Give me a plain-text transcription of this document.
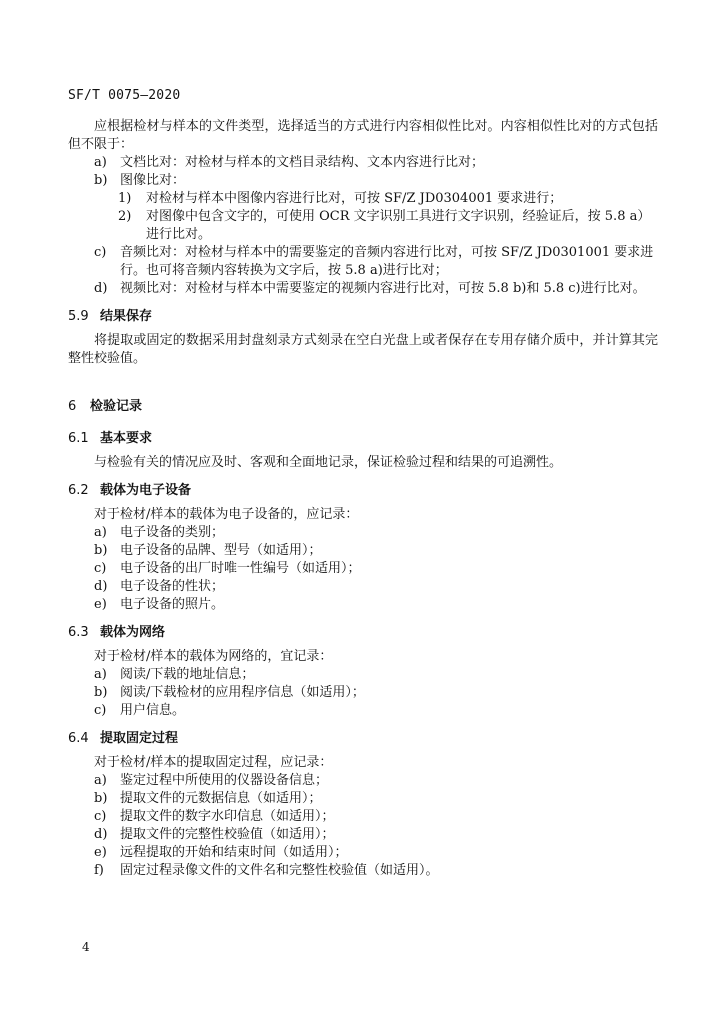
SF/T 0075—2020

应根据检材与样本的文件类型，选择适当的方式进行内容相似性比对。内容相似性比对的方式包括但不限于：

a) 文档比对：对检材与样本的文档目录结构、文本内容进行比对；

b) 图像比对：

1) 对检材与样本中图像内容进行比对，可按 SF/Z JD0304001 要求进行；

2) 对图像中包含文字的，可使用 OCR 文字识别工具进行文字识别，经验证后，按 5.8 a）进行比对。

c) 音频比对：对检材与样本中的需要鉴定的音频内容进行比对，可按 SF/Z JD0301001 要求进行。也可将音频内容转换为文字后，按 5.8 a)进行比对；

d) 视频比对：对检材与样本中需要鉴定的视频内容进行比对，可按 5.8 b)和 5.8 c)进行比对。

5.9 结果保存

将提取或固定的数据采用封盘刻录方式刻录在空白光盘上或者保存在专用存储介质中，并计算其完整性校验值。

6 检验记录
6.1 基本要求

与检验有关的情况应及时、客观和全面地记录，保证检验过程和结果的可追溯性。

6.2 载体为电子设备

对于检材/样本的载体为电子设备的，应记录：

a) 电子设备的类别；

b) 电子设备的品牌、型号（如适用）；

c) 电子设备的出厂时唯一性编号（如适用）；

d) 电子设备的性状；

e) 电子设备的照片。

6.3 载体为网络

对于检材/样本的载体为网络的，宜记录：

a) 阅读/下载的地址信息；

b) 阅读/下载检材的应用程序信息（如适用）；

c) 用户信息。

6.4 提取固定过程

对于检材/样本的提取固定过程，应记录：

a) 鉴定过程中所使用的仪器设备信息；

b) 提取文件的元数据信息（如适用）；

c) 提取文件的数字水印信息（如适用）；

d) 提取文件的完整性校验值（如适用）；

e) 远程提取的开始和结束时间（如适用）；

f) 固定过程录像文件的文件名和完整性校验值（如适用）。

4
